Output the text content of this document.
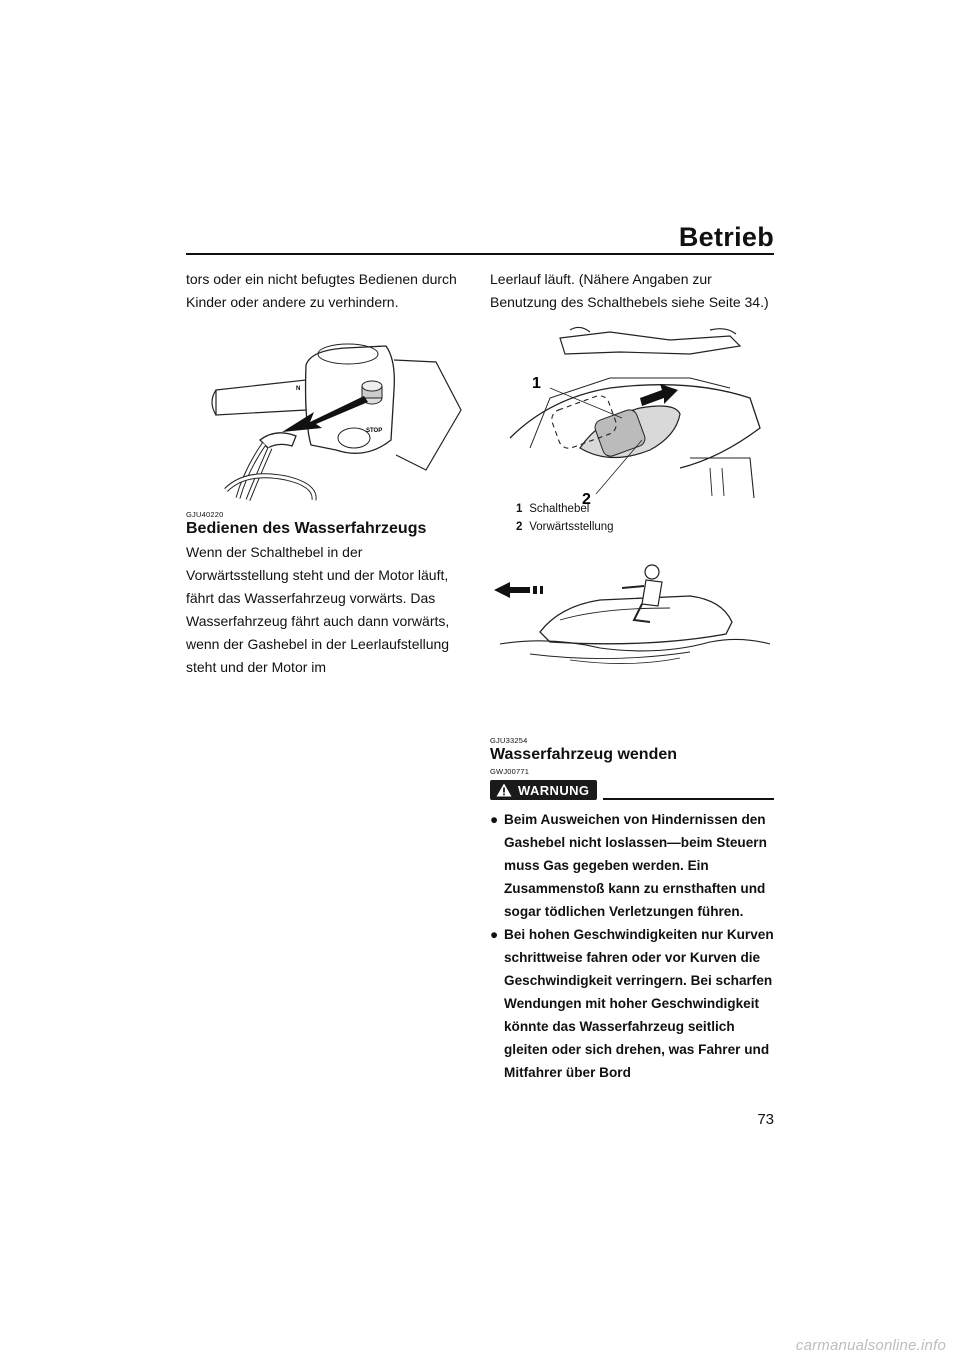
Betrieb

tors oder ein nicht befugtes Bedienen durch Kinder oder andere zu verhindern.

STOP
N

GJU40220

Bedienen des Wasserfahrzeugs

Wenn der Schalthebel in der Vorwärtsstellung steht und der Motor läuft, fährt das Wasserfahrzeug vorwärts. Das Wasserfahrzeug fährt auch dann vorwärts, wenn der Gashebel in der Leerlaufstellung steht und der Motor im

Leerlauf läuft. (Nähere Angaben zur Benutzung des Schalthebels siehe Seite 34.)

1
2
1 Schalthebel
2 Vorwärtsstellung

GJU33254

Wasserfahrzeug wenden

GWJ00771

WARNUNG
● Beim Ausweichen von Hindernissen den Gashebel nicht loslassen—beim Steuern muss Gas gegeben werden. Ein Zusammenstoß kann zu ernsthaften und sogar tödlichen Verletzungen führen.
● Bei hohen Geschwindigkeiten nur Kurven schrittweise fahren oder vor Kurven die Geschwindigkeit verringern. Bei scharfen Wendungen mit hoher Geschwindigkeit könnte das Wasserfahrzeug seitlich gleiten oder sich drehen, was Fahrer und Mitfahrer über Bord
73
carmanualsonline.info
